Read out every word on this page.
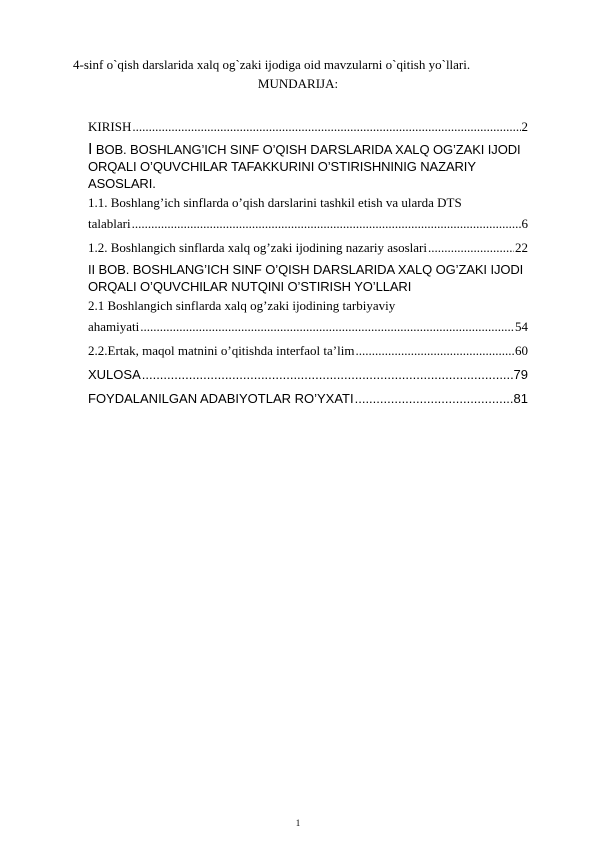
4-sinf o`qish darslarida xalq og`zaki ijodiga oid mavzularni o`qitish yo`llari.
MUNDARIJA:
KIRISH .....	2
I BOB. BOSHLANG’ICH SINF O’QISH DARSLARIDA XALQ OG’ZAKI IJODI ORQALI O’QUVCHILAR TAFAKKURINI O’STIRISHNINIG NAZARIY ASOSLARI.
1.1. Boshlang’ich sinflarda o’qish darslarini tashkil etish va ularda DTS
talablari .....	6
1.2. Boshlangich sinflarda xalq og’zaki ijodining nazariy asoslari .....	22
II BOB. BOSHLANG’ICH SINF O’QISH DARSLARIDA XALQ OG’ZAKI IJODI ORQALI O’QUVCHILAR NUTQINI O’STIRISH YO’LLARI
2.1 Boshlangich sinflarda xalq og’zaki ijodining tarbiyaviy
ahamiyati .....	54
2.2.Ertak, maqol matnini o’qitishda interfaol ta’lim .....	60
XULOSA .....	79
FOYDALANILGAN ADABIYOTLAR RO’YXATI .....	81
1
